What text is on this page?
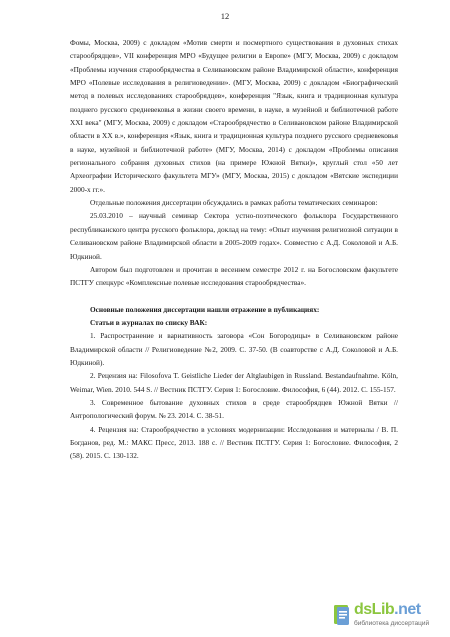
12

Фомы, Москва, 2009) с докладом «Мотив смерти и посмертного существования в духовных стихах старообрядцев», VII конференция МРО «Будущее религии в Европе» (МГУ, Москва, 2009) с докладом «Проблемы изучения старообрядчества в Селивановском районе Владимирской области», конференция МРО «Полевые исследования в религиоведении». (МГУ, Москва, 2009) с докладом «Биографический метод в полевых исследованиях старообрядцев», конференция "Язык, книга и традиционная культура позднего русского средневековья в жизни своего времени, в науке, в музейной и библиотечной работе XXI века" (МГУ, Москва, 2009) с докладом «Старообрядчество в Селивановском районе Владимирской области в XX в.», конференция «Язык, книга и традиционная культура позднего русского средневековья в науке, музейной и библиотечной работе» (МГУ, Москва, 2014) с докладом «Проблемы описания регионального собрания духовных стихов (на примере Южной Вятки)», круглый стол «50 лет Археографии Исторического факультета МГУ» (МГУ, Москва, 2015) с докладом «Вятские экспедиции 2000-х гг.».

Отдельные положения диссертации обсуждались в рамках работы тематических семинаров:

25.03.2010 – научный семинар Сектора устно-поэтического фольклора Государственного республиканского центра русского фольклора, доклад на тему: «Опыт изучения религиозной ситуации в Селивановском районе Владимирской области в 2005-2009 годах». Совместно с А.Д. Соколовой и А.Б. Юдкиной.

Автором был подготовлен и прочитан в весеннем семестре 2012 г. на Богословском факультете ПСТГУ спецкурс «Комплексные полевые исследования старообрядчества».

Основные положения диссертации нашли отражение в публикациях:

Статьи в журналах по списку ВАК:

1. Распространение и вариативность заговора «Сон Богородицы» в Селивановском районе Владимирской области // Религиоведение №2, 2009. С. 37-50. (В соавторстве с А.Д. Соколовой и А.Б. Юдкиной).

2. Рецензия на: Filosofova T. Geistliche Lieder der Altglaubigen in Russland. Bestandaufnahme. Köln, Weimar, Wien. 2010. 544 S. // Вестник ПСТГУ. Серия 1: Богословие. Философия, 6 (44). 2012. С. 155-157.

3. Современное бытование духовных стихов в среде старообрядцев Южной Вятки // Антропологический форум. № 23. 2014. С. 38-51.

4. Рецензия на: Старообрядчество в условиях модернизации: Исследования и материалы / В. П. Богданов, ред. М.: МАКС Пресс, 2013. 188 с. // Вестник ПСТГУ. Серия 1: Богословие. Философия, 2 (58). 2015. С. 130-132.

dsLib.net
библиотека диссертаций
